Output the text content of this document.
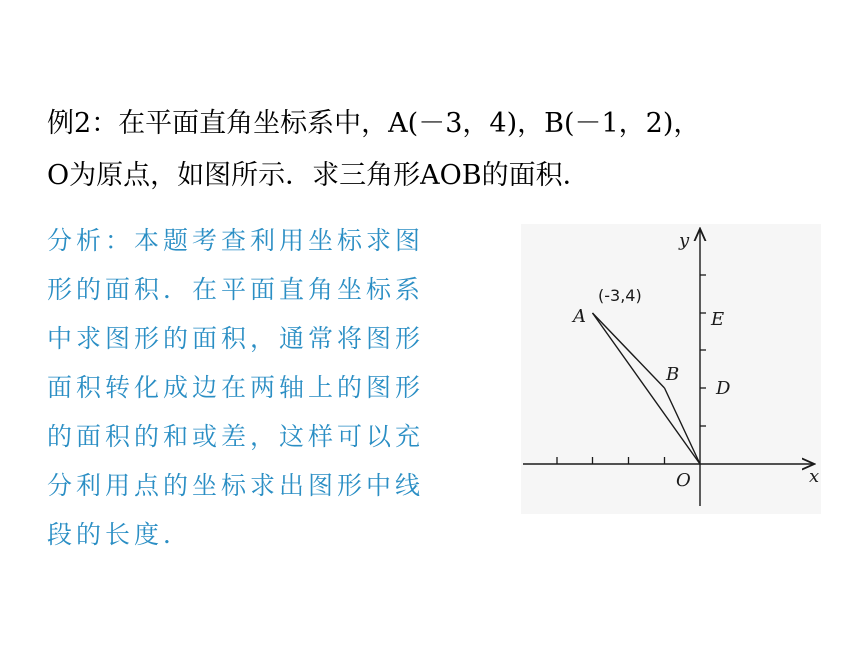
例2：在平面直角坐标系中，A(－3，4)，B(－1，2)，
O为原点，如图所示．求三角形AOB的面积．
分析：本题考查利用坐标求图
形的面积．在平面直角坐标系
中求图形的面积，通常将图形
面积转化成边在两轴上的图形
的面积的和或差，这样可以充
分利用点的坐标求出图形中线
段的长度．
y
x
O
A
(-3,4)
B
D
E
